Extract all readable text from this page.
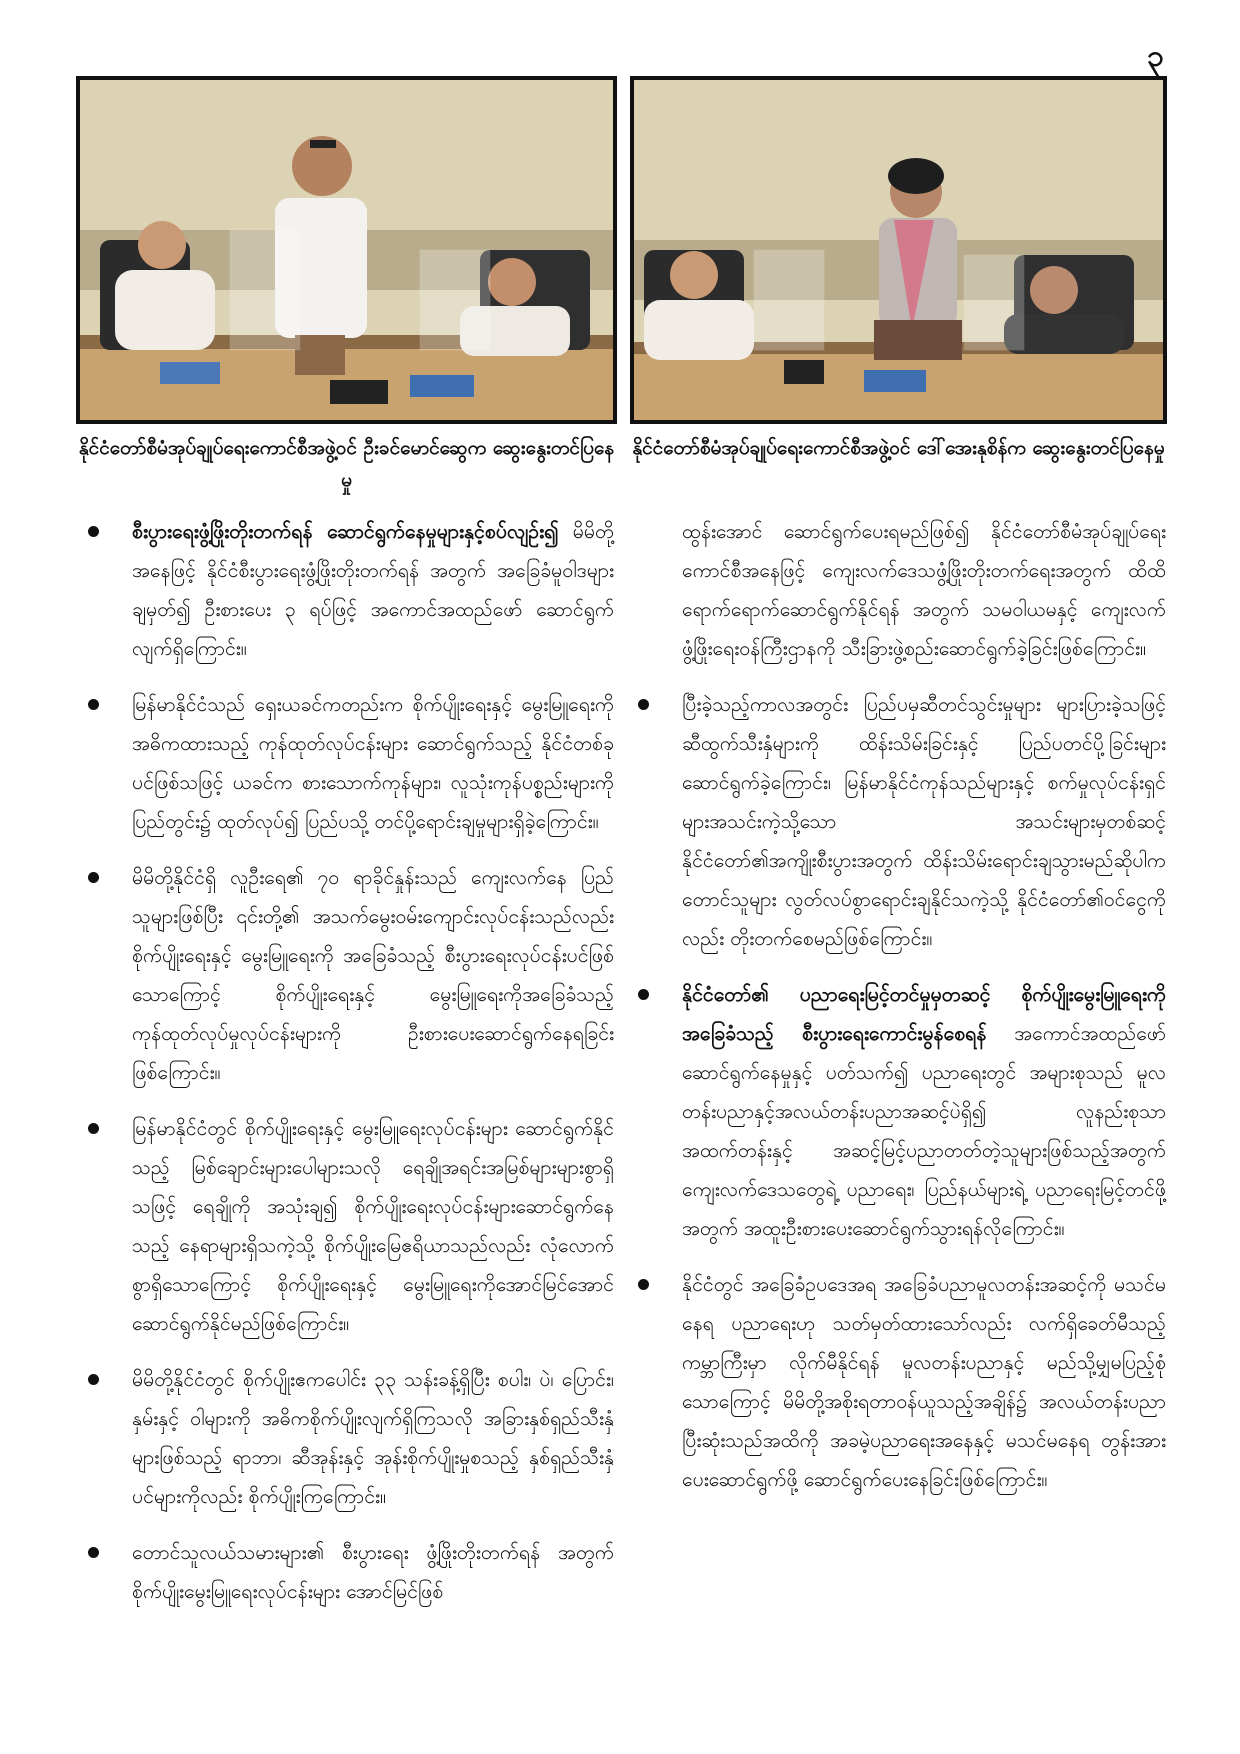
၃
နိုင်ငံတော်စီမံအုပ်ချုပ်ရေးကောင်စီအဖွဲ့ဝင် ဦးခင်မောင်ဆွေက ဆွေးနွေးတင်ပြနေမှု
နိုင်ငံတော်စီမံအုပ်ချုပ်ရေးကောင်စီအဖွဲ့ဝင် ဒေါ်အေးနုစိန်က ဆွေးနွေးတင်ပြနေမှု
စီးပွားရေးဖွံ့ဖြိုးတိုးတက်ရန် ဆောင်ရွက်နေမှုများနှင့်စပ်လျဉ်း၍ မိမိတို့အနေဖြင့် နိုင်ငံစီးပွားရေးဖွံ့ဖြိုးတိုးတက်ရန် အတွက် အခြေခံမူဝါဒများချမှတ်၍ ဦးစားပေး ၃ ရပ်ဖြင့် အကောင်အထည်ဖော် ဆောင်ရွက်လျက်ရှိကြောင်း။
မြန်မာနိုင်ငံသည် ရှေးယခင်ကတည်းက စိုက်ပျိုးရေးနှင့် မွေးမြူရေးကို အဓိကထားသည့် ကုန်ထုတ်လုပ်ငန်းများ ဆောင်ရွက်သည့် နိုင်ငံတစ်ခုပင်ဖြစ်သဖြင့် ယခင်က စားသောက်ကုန်များ၊ လူသုံးကုန်ပစ္စည်းများကို ပြည်တွင်း၌ ထုတ်လုပ်၍ ပြည်ပသို့ တင်ပို့ရောင်းချမှုများရှိခဲ့ကြောင်း။
မိမိတို့နိုင်ငံရှိ လူဦးရေ၏ ၇၀ ရာခိုင်နှုန်းသည် ကျေးလက်နေ ပြည်သူများဖြစ်ပြီး ၎င်းတို့၏ အသက်မွေးဝမ်းကျောင်းလုပ်ငန်းသည်လည်း စိုက်ပျိုးရေးနှင့် မွေးမြူရေးကို အခြေခံသည့် စီးပွားရေးလုပ်ငန်းပင်ဖြစ်သောကြောင့် စိုက်ပျိုးရေးနှင့် မွေးမြူရေးကိုအခြေခံသည့် ကုန်ထုတ်လုပ်မှုလုပ်ငန်းများကို ဦးစားပေးဆောင်ရွက်နေရခြင်းဖြစ်ကြောင်း။
မြန်မာနိုင်ငံတွင် စိုက်ပျိုးရေးနှင့် မွေးမြူရေးလုပ်ငန်းများ ဆောင်ရွက်နိုင်သည့် မြစ်ချောင်းများပေါများသလို ရေချိုအရင်းအမြစ်များများစွာရှိသဖြင့် ရေချိုကို အသုံးချ၍ စိုက်ပျိုးရေးလုပ်ငန်းများဆောင်ရွက်နေသည့် နေရာများရှိသကဲ့သို့ စိုက်ပျိုးမြေဧရိယာသည်လည်း လုံလောက်စွာရှိသောကြောင့် စိုက်ပျိုးရေးနှင့် မွေးမြူရေးကိုအောင်မြင်အောင် ဆောင်ရွက်နိုင်မည်ဖြစ်ကြောင်း။
မိမိတို့နိုင်ငံတွင် စိုက်ပျိုးဧကပေါင်း ၃၃ သန်းခန့်ရှိပြီး စပါး၊ ပဲ၊ ပြောင်း၊ နှမ်းနှင့် ဝါများကို အဓိကစိုက်ပျိုးလျက်ရှိကြသလို အခြားနှစ်ရှည်သီးနှံများဖြစ်သည့် ရာဘာ၊ ဆီအုန်းနှင့် အုန်းစိုက်ပျိုးမှုစသည့် နှစ်ရှည်သီးနှံပင်များကိုလည်း စိုက်ပျိုးကြကြောင်း။
တောင်သူလယ်သမားများ၏ စီးပွားရေး ဖွံ့ဖြိုးတိုးတက်ရန် အတွက် စိုက်ပျိုးမွေးမြူရေးလုပ်ငန်းများ အောင်မြင်ဖြစ်
ထွန်းအောင် ဆောင်ရွက်ပေးရမည်ဖြစ်၍ နိုင်ငံတော်စီမံအုပ်ချုပ်ရေးကောင်စီအနေဖြင့် ကျေးလက်ဒေသဖွံ့ဖြိုးတိုးတက်ရေးအတွက် ထိထိရောက်ရောက်ဆောင်ရွက်နိုင်ရန် အတွက် သမဝါယမနှင့် ကျေးလက်ဖွံ့ဖြိုးရေးဝန်ကြီးဌာနကို သီးခြားဖွဲ့စည်းဆောင်ရွက်ခဲ့ခြင်းဖြစ်ကြောင်း။
ပြီးခဲ့သည့်ကာလအတွင်း ပြည်ပမှဆီတင်သွင်းမှုများ များပြားခဲ့သဖြင့် ဆီထွက်သီးနှံများကို ထိန်းသိမ်းခြင်းနှင့် ပြည်ပတင်ပို့ခြင်းများဆောင်ရွက်ခဲ့ကြောင်း၊ မြန်မာနိုင်ငံကုန်သည်များနှင့် စက်မှုလုပ်ငန်းရှင်များအသင်းကဲ့သို့သော အသင်းများမှတစ်ဆင့် နိုင်ငံတော်၏အကျိုးစီးပွားအတွက် ထိန်းသိမ်းရောင်းချသွားမည်ဆိုပါက တောင်သူများ လွတ်လပ်စွာရောင်းချနိုင်သကဲ့သို့ နိုင်ငံတော်၏ဝင်ငွေကိုလည်း တိုးတက်စေမည်ဖြစ်ကြောင်း။
နိုင်ငံတော်၏ ပညာရေးမြင့်တင်မှုမှတဆင့် စိုက်ပျိုးမွေးမြူရေးကိုအခြေခံသည့် စီးပွားရေးကောင်းမွန်စေရန် အကောင်အထည်ဖော် ဆောင်ရွက်နေမှုနှင့် ပတ်သက်၍ ပညာရေးတွင် အများစုသည် မူလတန်းပညာနှင့်အလယ်တန်းပညာအဆင့်ပဲရှိ၍ လူနည်းစုသာ အထက်တန်းနှင့် အဆင့်မြင့်ပညာတတ်တဲ့သူများဖြစ်သည့်အတွက် ကျေးလက်ဒေသတွေရဲ့ ပညာရေး၊ ပြည်နယ်များရဲ့ ပညာရေးမြင့်တင်ဖို့ အတွက် အထူးဦးစားပေးဆောင်ရွက်သွားရန်လိုကြောင်း။
နိုင်ငံတွင် အခြေခံဥပဒေအရ အခြေခံပညာမူလတန်းအဆင့်ကို မသင်မနေရ ပညာရေးဟု သတ်မှတ်ထားသော်လည်း လက်ရှိခေတ်မီသည့် ကမ္ဘာကြီးမှာ လိုက်မီနိုင်ရန် မူလတန်းပညာနှင့် မည်သို့မျှမပြည့်စုံသောကြောင့် မိမိတို့အစိုးရတာဝန်ယူသည့်အချိန်၌ အလယ်တန်းပညာပြီးဆုံးသည်အထိကို အခမဲ့ပညာရေးအနေနှင့် မသင်မနေရ တွန်းအားပေးဆောင်ရွက်ဖို့ ဆောင်ရွက်ပေးနေခြင်းဖြစ်ကြောင်း။
